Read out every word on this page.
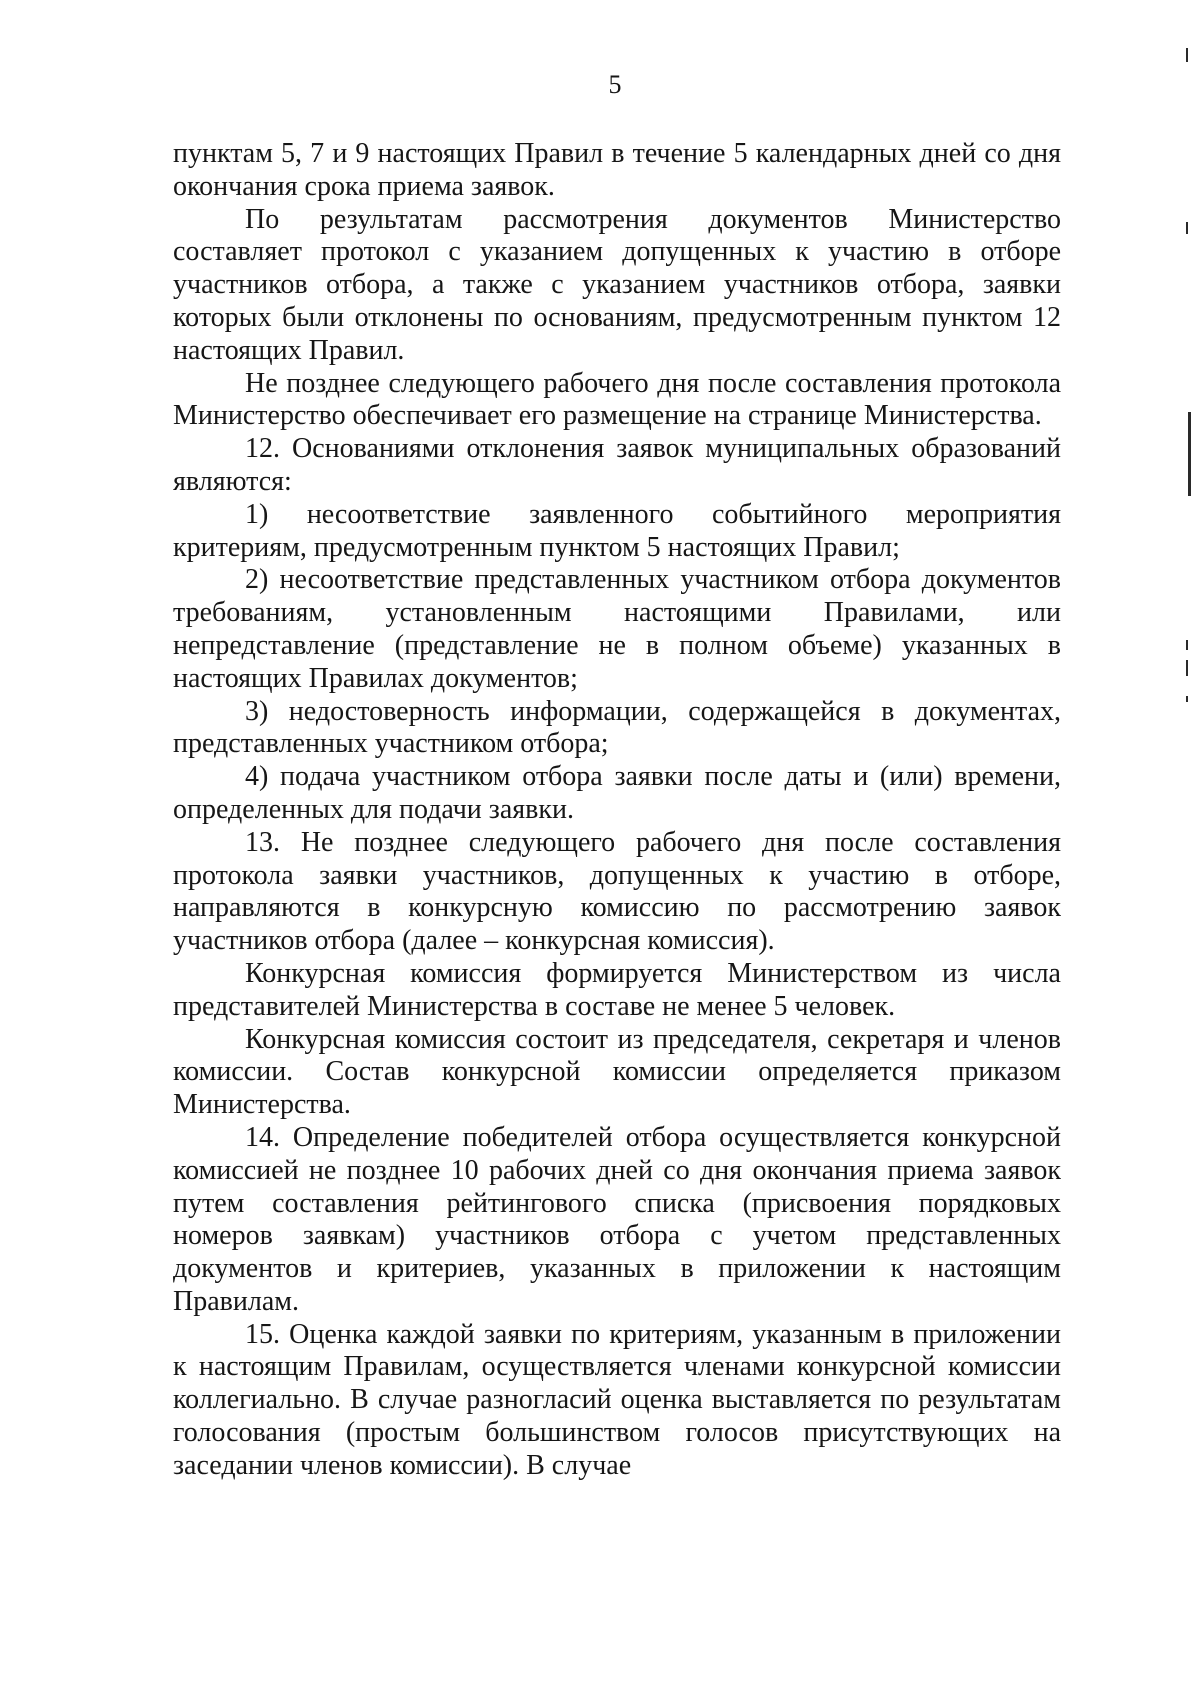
5

пунктам 5, 7 и 9 настоящих Правил в течение 5 календарных дней со дня окончания срока приема заявок.

По результатам рассмотрения документов Министерство составляет протокол с указанием допущенных к участию в отборе участников отбора, а также с указанием участников отбора, заявки которых были отклонены по основаниям, предусмотренным пунктом 12 настоящих Правил.

Не позднее следующего рабочего дня после составления протокола Министерство обеспечивает его размещение на странице Министерства.

12. Основаниями отклонения заявок муниципальных образований являются:

1) несоответствие заявленного событийного мероприятия критериям, предусмотренным пунктом 5 настоящих Правил;

2) несоответствие представленных участником отбора документов требованиям, установленным настоящими Правилами, или непредставление (представление не в полном объеме) указанных в настоящих Правилах документов;

3) недостоверность информации, содержащейся в документах, представленных участником отбора;

4) подача участником отбора заявки после даты и (или) времени, определенных для подачи заявки.

13. Не позднее следующего рабочего дня после составления протокола заявки участников, допущенных к участию в отборе, направляются в конкурсную комиссию по рассмотрению заявок участников отбора (далее – конкурсная комиссия).

Конкурсная комиссия формируется Министерством из числа представителей Министерства в составе не менее 5 человек.

Конкурсная комиссия состоит из председателя, секретаря и членов комиссии. Состав конкурсной комиссии определяется приказом Министерства.

14. Определение победителей отбора осуществляется конкурсной комиссией не позднее 10 рабочих дней со дня окончания приема заявок путем составления рейтингового списка (присвоения порядковых номеров заявкам) участников отбора с учетом представленных документов и критериев, указанных в приложении к настоящим Правилам.

15. Оценка каждой заявки по критериям, указанным в приложении к настоящим Правилам, осуществляется членами конкурсной комиссии коллегиально. В случае разногласий оценка выставляется по результатам голосования (простым большинством голосов присутствующих на заседании членов комиссии). В случае
